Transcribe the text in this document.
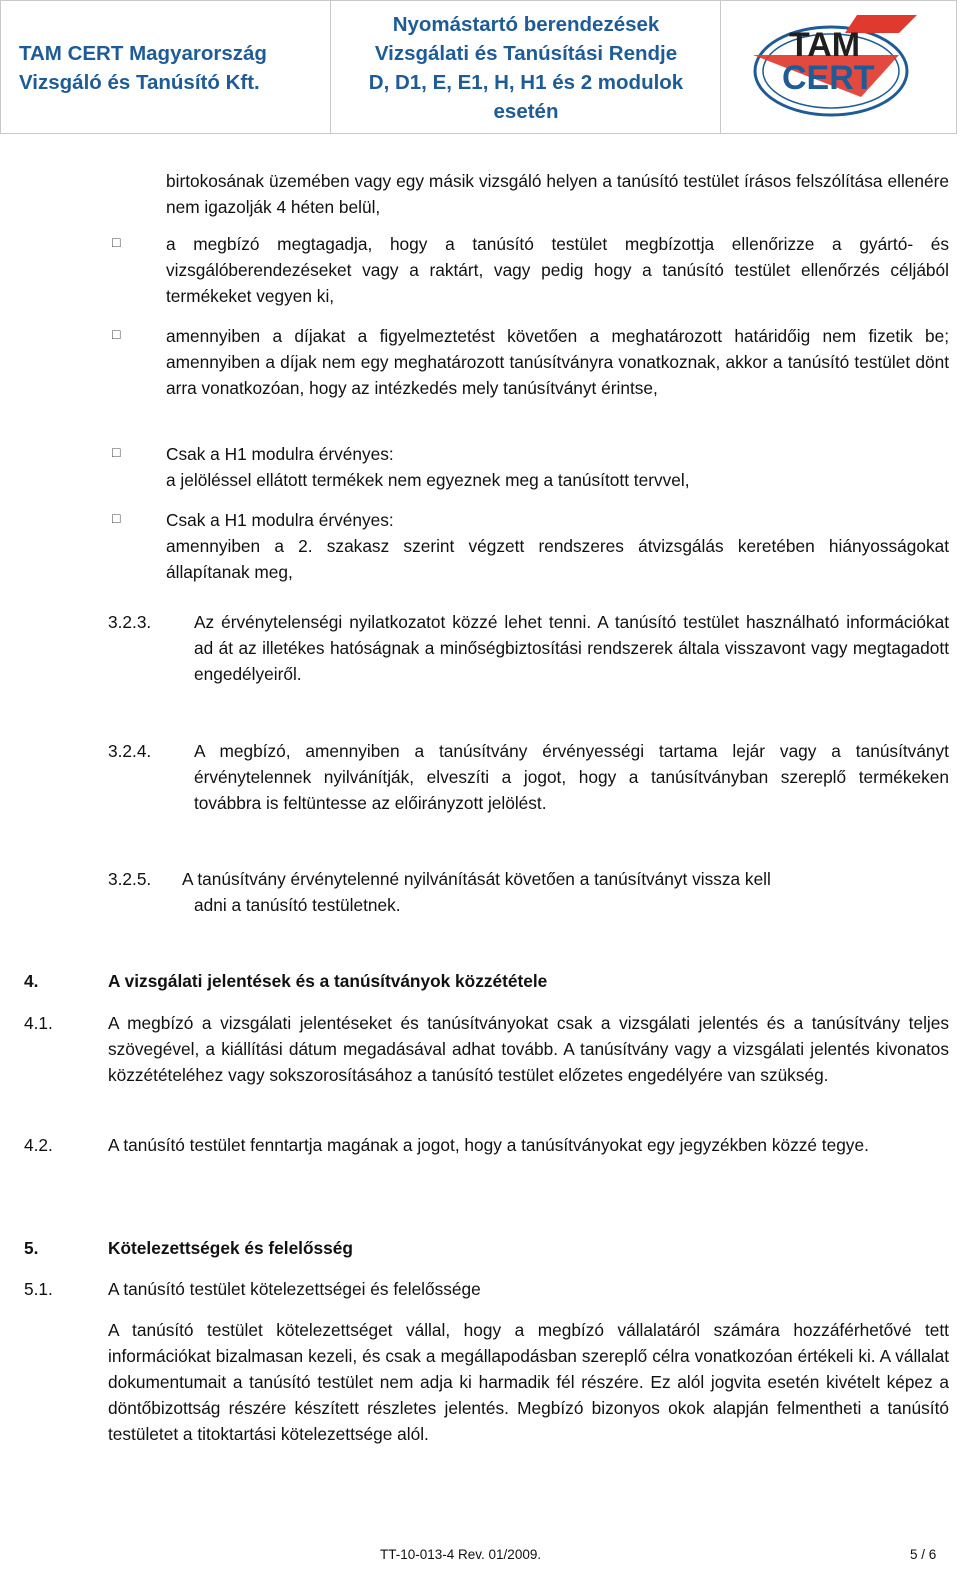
TAM CERT Magyarország
Vizsgáló és Tanúsító Kft.
Nyomástartó berendezések
Vizsgálati és Tanúsítási Rendje
D, D1, E, E1, H, H1 és 2 modulok
esetén
TAM
CERT
birtokosának üzemében vagy egy másik vizsgáló helyen a tanúsító testület írásos felszólítása ellenére nem igazolják 4 héten belül,
□	a megbízó megtagadja, hogy a tanúsító testület megbízottja ellenőrizze a gyártó- és vizsgálóberendezéseket vagy a raktárt, vagy pedig hogy a tanúsító testület ellenőrzés céljából termékeket vegyen ki,
□	amennyiben a díjakat a figyelmeztetést követően a meghatározott határidőig nem fizetik be; amennyiben a díjak nem egy meghatározott tanúsítványra vonatkoznak, akkor a tanúsító testület dönt arra vonatkozóan, hogy az intézkedés mely tanúsítványt érintse,
□	Csak a H1 modulra érvényes:
a jelöléssel ellátott termékek nem egyeznek meg a tanúsított tervvel,
□	Csak a H1 modulra érvényes:
amennyiben a 2. szakasz szerint végzett rendszeres átvizsgálás keretében hiányosságokat állapítanak meg,
3.2.3. Az érvénytelenségi nyilatkozatot közzé lehet tenni. A tanúsító testület használható információkat ad át az illetékes hatóságnak a minőségbiztosítási rendszerek általa visszavont vagy megtagadott engedélyeiről.
3.2.4. A megbízó, amennyiben a tanúsítvány érvényességi tartama lejár vagy a tanúsítványt érvénytelennek nyilvánítják, elveszíti a jogot, hogy a tanúsítványban szereplő termékeken továbbra is feltüntesse az előirányzott jelölést.
3.2.5. A tanúsítvány érvénytelenné nyilvánítását követően a tanúsítványt vissza kell
adni a tanúsító testületnek.
4.	A vizsgálati jelentések és a tanúsítványok közzététele
4.1.	A megbízó a vizsgálati jelentéseket és tanúsítványokat csak a vizsgálati jelentés és a tanúsítvány teljes szövegével, a kiállítási dátum megadásával adhat tovább. A tanúsítvány vagy a vizsgálati jelentés kivonatos közzétételéhez vagy sokszorosításához a tanúsító testület előzetes engedélyére van szükség.
4.2.	A tanúsító testület fenntartja magának a jogot, hogy a tanúsítványokat egy jegyzékben közzé tegye.
5.	Kötelezettségek és felelősség
5.1.	A tanúsító testület kötelezettségei és felelőssége
A tanúsító testület kötelezettséget vállal, hogy a megbízó vállalatáról számára hozzáférhetővé tett információkat bizalmasan kezeli, és csak a megállapodásban szereplő célra vonatkozóan értékeli ki. A vállalat dokumentumait a tanúsító testület nem adja ki harmadik fél részére. Ez alól jogvita esetén kivételt képez a döntőbizottság részére készített részletes jelentés. Megbízó bizonyos okok alapján felmentheti a tanúsító testületet a titoktartási kötelezettsége alól.
TT-10-013-4 Rev. 01/2009.	5 / 6
